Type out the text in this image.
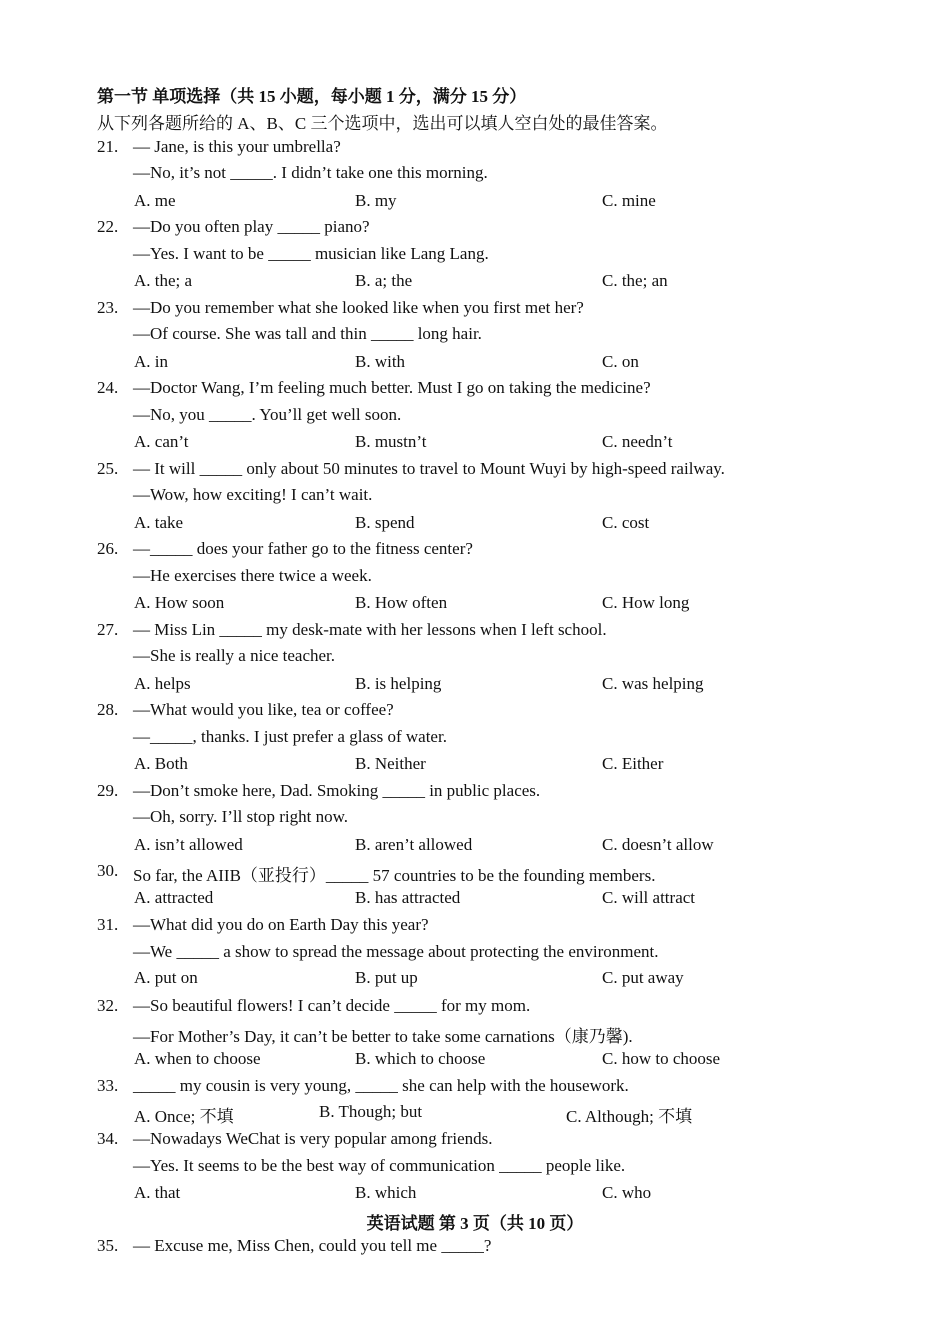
第一节 单项选择（共 15 小题，每小题 1 分，满分 15 分）
从下列各题所给的 A、B、C 三个选项中，选出可以填人空白处的最佳答案。
21. — Jane, is this your umbrella?
—No, it’s not _____. I didn’t take one this morning.
A. me	B. my	C. mine
22. —Do you often play _____ piano?
—Yes. I want to be _____ musician like Lang Lang.
A. the; a	B. a; the	C. the; an
23. —Do you remember what she looked like when you first met her?
—Of course. She was tall and thin _____ long hair.
A. in	B. with	C. on
24. —Doctor Wang, I’m feeling much better. Must I go on taking the medicine?
—No, you _____. You’ll get well soon.
A. can’t	B. mustn’t	C. needn’t
25. — It will _____ only about 50 minutes to travel to Mount Wuyi by high-speed railway.
—Wow, how exciting! I can’t wait.
A. take	B. spend	C. cost
26. —_____ does your father go to the fitness center?
—He exercises there twice a week.
A. How soon	B. How often	C. How long
27. — Miss Lin _____ my desk-mate with her lessons when I left school.
—She is really a nice teacher.
A. helps	B. is helping	C. was helping
28. —What would you like, tea or coffee?
—_____, thanks. I just prefer a glass of water.
A. Both	B. Neither	C. Either
29. —Don’t smoke here, Dad. Smoking _____ in public places.
—Oh, sorry. I’ll stop right now.
A. isn’t allowed	B. aren’t allowed	C. doesn’t allow
30. So far, the AIIB（亚投行）_____ 57 countries to be the founding members.
A. attracted	B. has attracted	C. will attract
31. —What did you do on Earth Day this year?
—We _____ a show to spread the message about protecting the environment.
A. put on	B. put up	C. put away
32. —So beautiful flowers! I can’t decide _____ for my mom.
—For Mother’s Day, it can’t be better to take some carnations（康乃馨).
A. when to choose	B. which to choose	C. how to choose
33. _____ my cousin is very young, _____ she can help with the housework.
A. Once; 不填	B. Though; but	C. Although; 不填
34. —Nowadays WeChat is very popular among friends.
—Yes. It seems to be the best way of communication _____ people like.
A. that	B. which	C. who
英语试题 第 3 页（共 10 页）
35. — Excuse me, Miss Chen, could you tell me _____?
